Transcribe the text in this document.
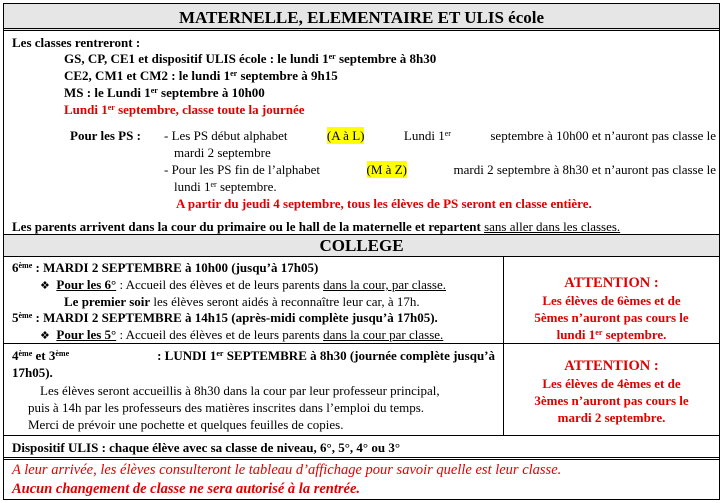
MATERNELLE, ELEMENTAIRE ET ULIS école
Les classes rentreront :
GS, CP, CE1 et dispositif ULIS école : le lundi 1er septembre à 8h30
CE2, CM1 et CM2 : le lundi 1er septembre à 9h15
MS : le Lundi 1er septembre à 10h00
Lundi 1er septembre, classe toute la journée
Pour les PS : - Les PS début alphabet	(A à L)	Lundi 1er	septembre à 10h00 et n’auront pas classe le
mardi 2 septembre
- Pour les PS fin de l’alphabet	(M à Z)	mardi 2 septembre à 8h30 et n’auront pas classe le
lundi 1er septembre.
A partir du jeudi 4 septembre, tous les élèves de PS seront en classe entière.
Les parents arrivent dans la cour du primaire ou le hall de la maternelle et repartent sans aller dans les classes.
COLLEGE
6ème : MARDI 2 SEPTEMBRE à 10h00 (jusqu’à 17h05)
❖ Pour les 6° : Accueil des élèves et de leurs parents dans la cour, par classe.
Le premier soir les élèves seront aidés à reconnaître leur car, à 17h.
5ème : MARDI 2 SEPTEMBRE à 14h15 (après-midi complète jusqu’à 17h05).
❖ Pour les 5° : Accueil des élèves et de leurs parents dans la cour par classe.
ATTENTION :
Les élèves de 6èmes et de
5èmes n’auront pas cours le
lundi 1er septembre.
4ème et 3ème	: LUNDI 1er SEPTEMBRE à 8h30 (journée complète jusqu’à
17h05).
Les élèves seront accueillis à 8h30 dans la cour par leur professeur principal,
puis à 14h par les professeurs des matières inscrites dans l’emploi du temps.
Merci de prévoir une pochette et quelques feuilles de copies.
ATTENTION :
Les élèves de 4èmes et de
3èmes n’auront pas cours le
mardi 2 septembre.
Dispositif ULIS : chaque élève avec sa classe de niveau, 6°, 5°, 4° ou 3°
A leur arrivée, les élèves consulteront le tableau d’affichage pour savoir quelle est leur classe.
Aucun changement de classe ne sera autorisé à la rentrée.
